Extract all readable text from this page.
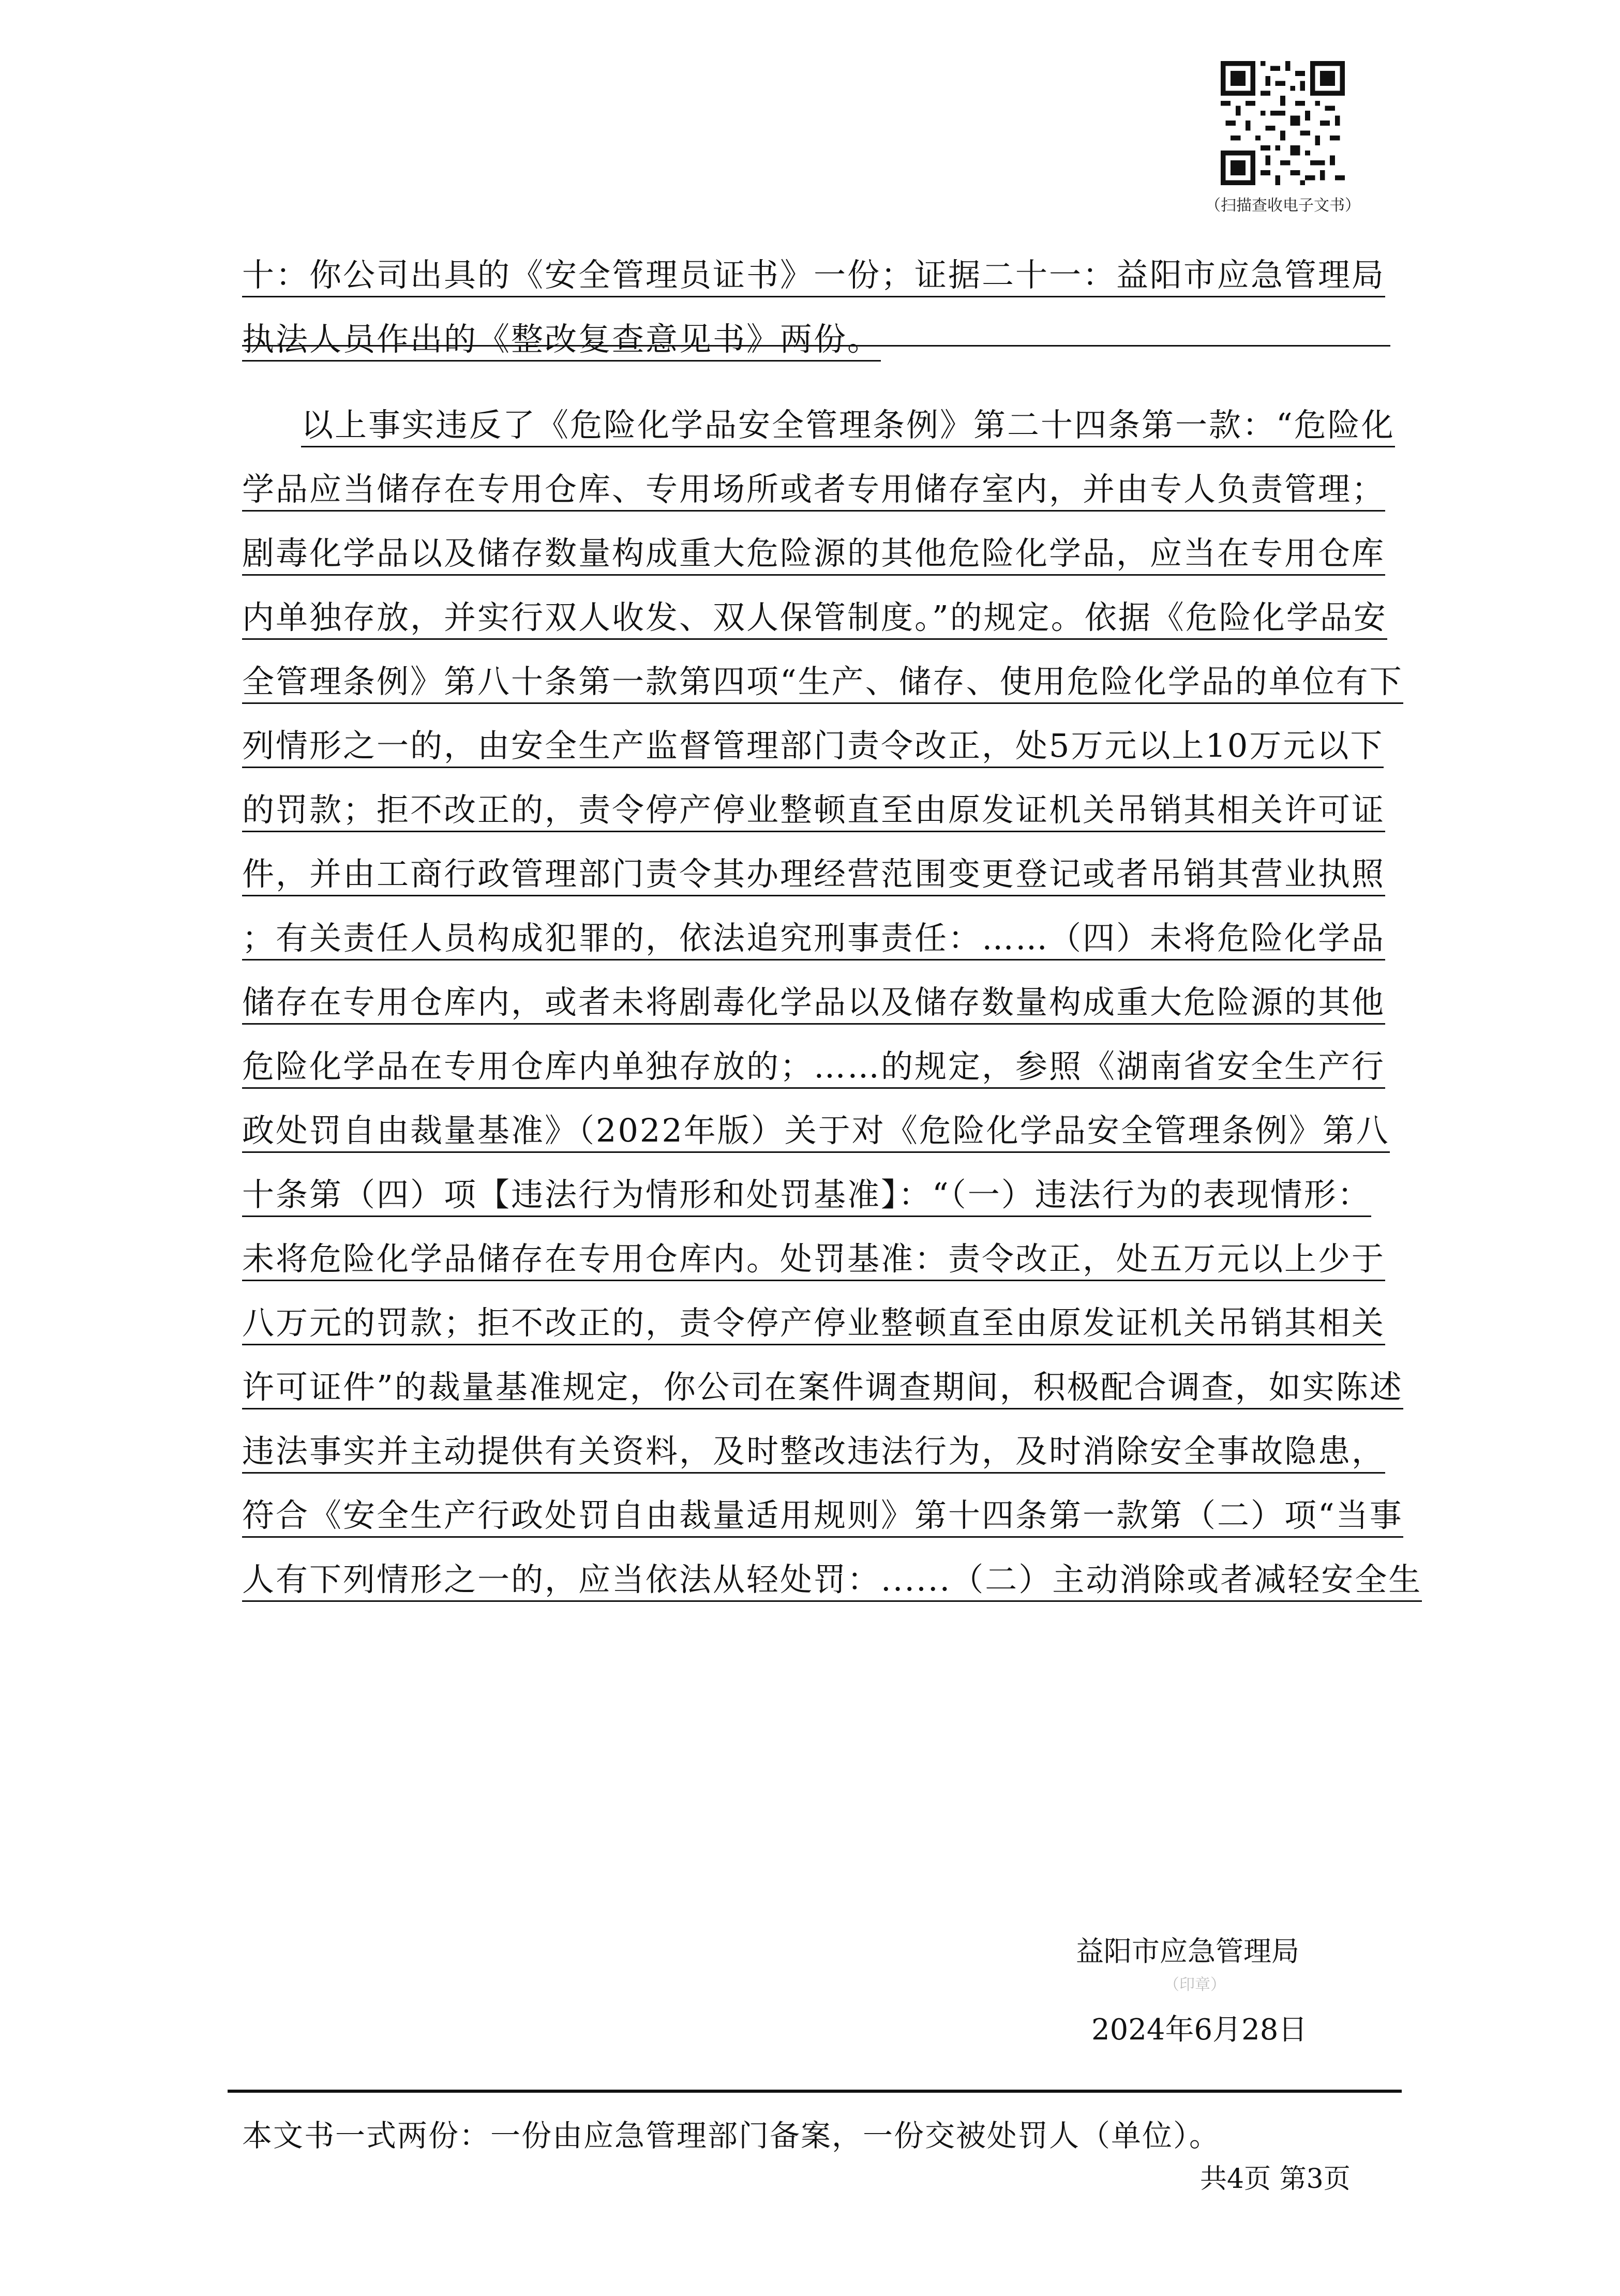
（扫描查收电子文书）
十：你公司出具的《安全管理员证书》一份；证据二十一：益阳市应急管理局
执法人员作出的《整改复查意见书》两份。
以上事实违反了《危险化学品安全管理条例》第二十四条第一款：“危险化
学品应当储存在专用仓库、专用场所或者专用储存室内，并由专人负责管理；
剧毒化学品以及储存数量构成重大危险源的其他危险化学品，应当在专用仓库
内单独存放，并实行双人收发、双人保管制度。”的规定。依据《危险化学品安
全管理条例》第八十条第一款第四项“生产、储存、使用危险化学品的单位有下
列情形之一的，由安全生产监督管理部门责令改正，处5万元以上10万元以下
的罚款；拒不改正的，责令停产停业整顿直至由原发证机关吊销其相关许可证
件，并由工商行政管理部门责令其办理经营范围变更登记或者吊销其营业执照
；有关责任人员构成犯罪的，依法追究刑事责任：……（四）未将危险化学品
储存在专用仓库内，或者未将剧毒化学品以及储存数量构成重大危险源的其他
危险化学品在专用仓库内单独存放的；……的规定，参照《湖南省安全生产行
政处罚自由裁量基准》（2022年版）关于对《危险化学品安全管理条例》第八
十条第（四）项【违法行为情形和处罚基准】：“（一）违法行为的表现情形：
未将危险化学品储存在专用仓库内。处罚基准：责令改正，处五万元以上少于
八万元的罚款；拒不改正的，责令停产停业整顿直至由原发证机关吊销其相关
许可证件”的裁量基准规定，你公司在案件调查期间，积极配合调查，如实陈述
违法事实并主动提供有关资料，及时整改违法行为，及时消除安全事故隐患，
符合《安全生产行政处罚自由裁量适用规则》第十四条第一款第（二）项“当事
人有下列情形之一的，应当依法从轻处罚：......（二）主动消除或者减轻安全生
益阳市应急管理局
（印章）
2024年6月28日
本文书一式两份：一份由应急管理部门备案，一份交被处罚人（单位）。
共4页 第3页
